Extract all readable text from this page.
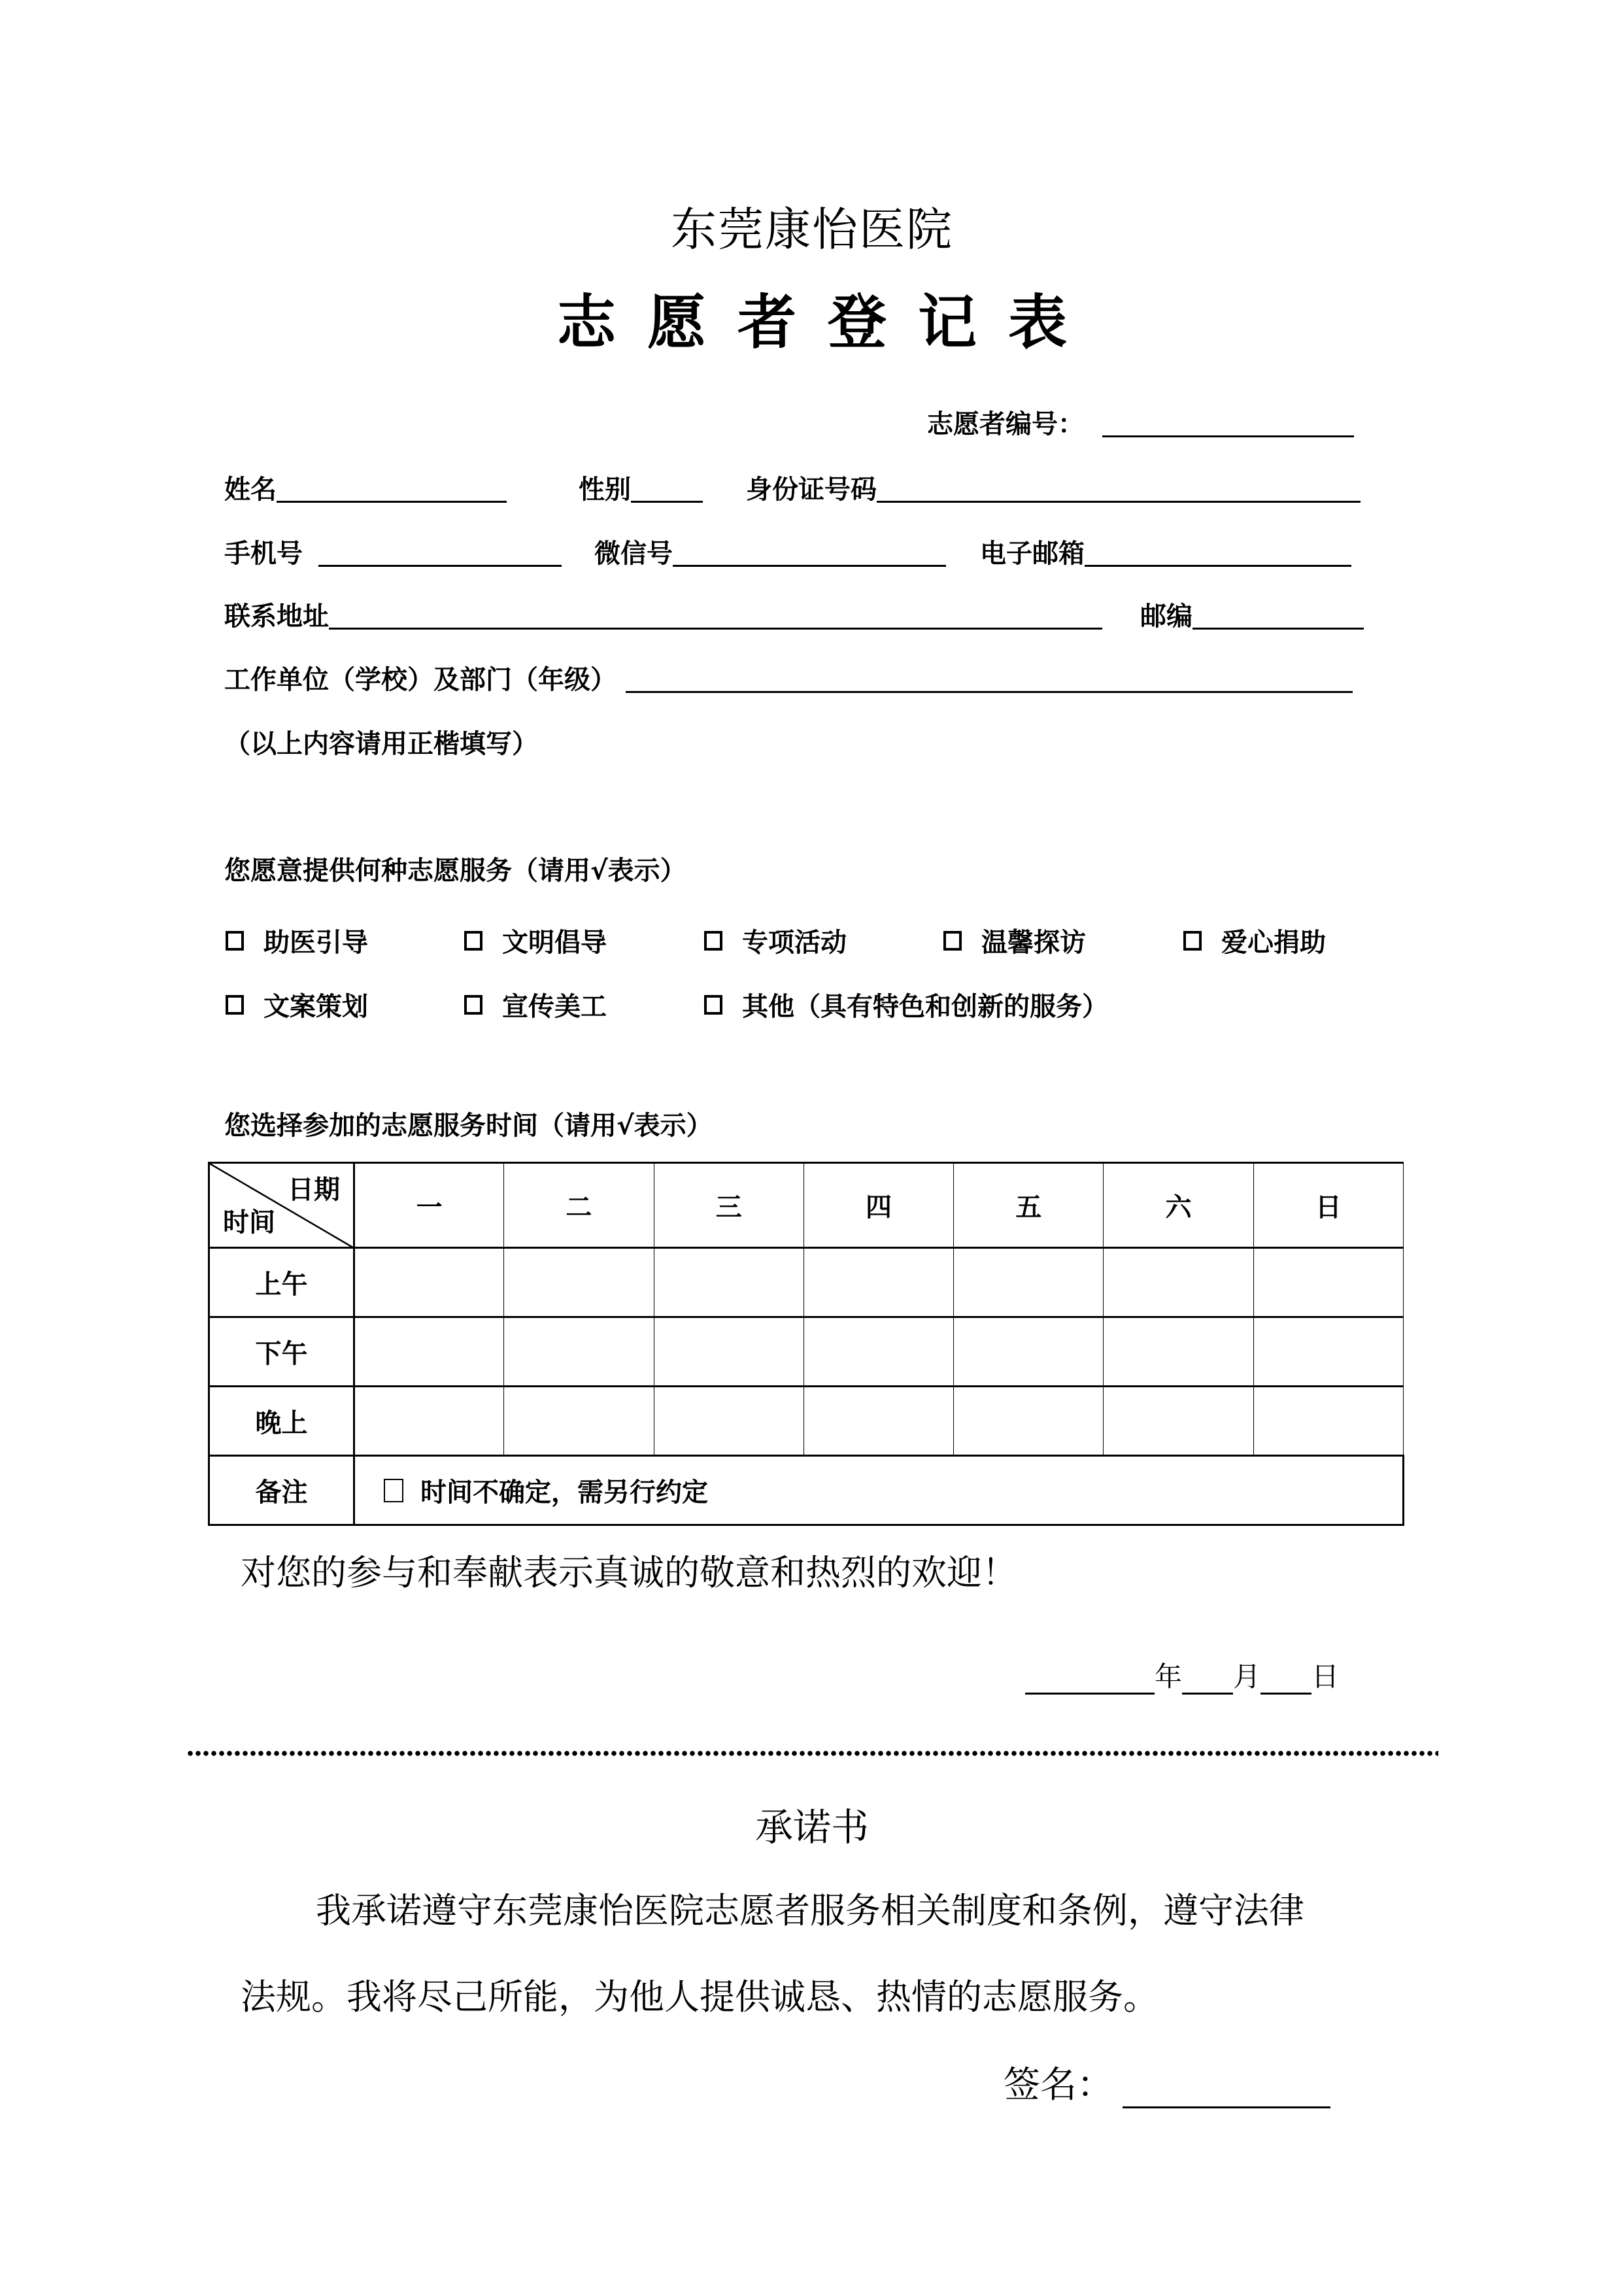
东莞康怡医院
志愿者登记表
志愿者编号：
姓名	性别	身份证号码
手机号	微信号	电子邮箱
联系地址	邮编
工作单位（学校）及部门（年级）
（以上内容请用正楷填写）
您愿意提供何种志愿服务（请用√表示）
助医引导	文明倡导	专项活动	温馨探访	爱心捐助
文案策划	宣传美工	其他（具有特色和创新的服务）
您选择参加的志愿服务时间（请用√表示）
日期
时间	一	二	三	四	五	六	日
上午							
下午							
晚上							
备注	时间不确定，需另行约定						
对您的参与和奉献表示真诚的敬意和热烈的欢迎！
年 月 日
承诺书
我承诺遵守东莞康怡医院志愿者服务相关制度和条例，遵守法律
法规。我将尽己所能，为他人提供诚恳、热情的志愿服务。
签名：
